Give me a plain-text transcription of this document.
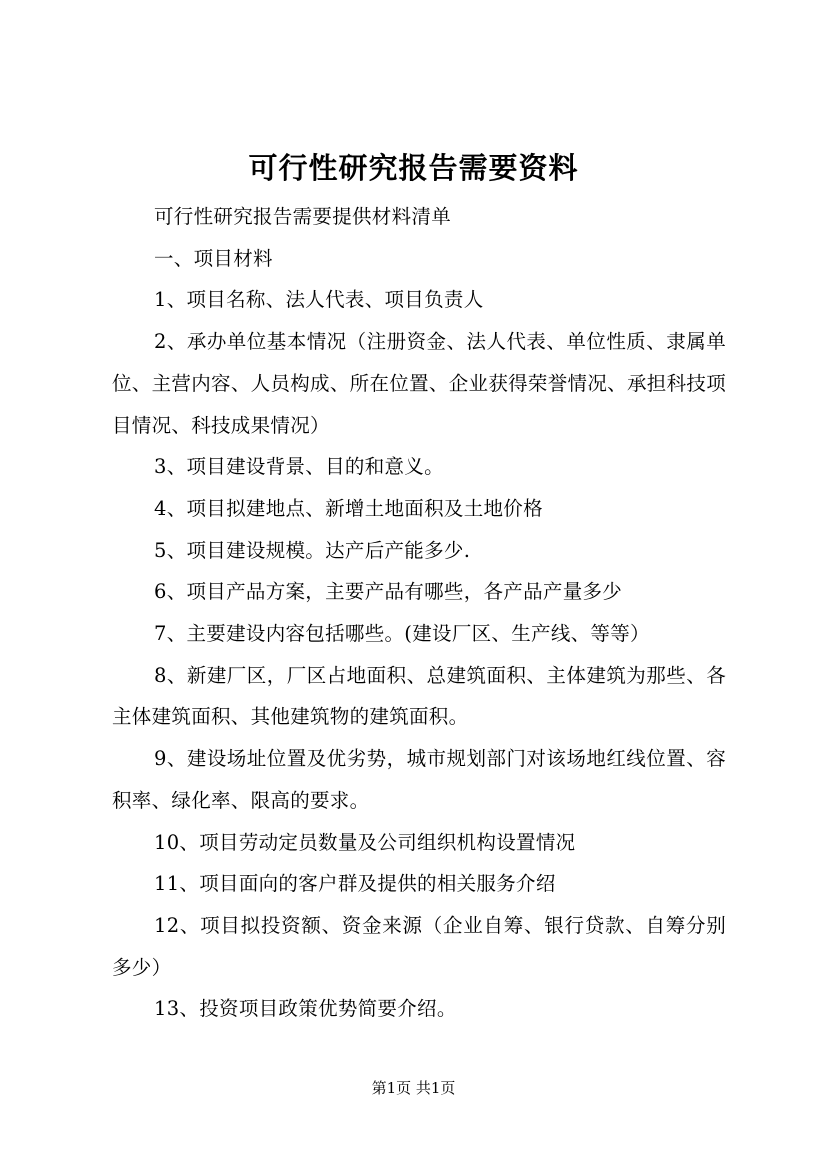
可行性研究报告需要资料

可行性研究报告需要提供材料清单

一、项目材料

1、项目名称、法人代表、项目负责人

2、承办单位基本情况（注册资金、法人代表、单位性质、隶属单位、主营内容、人员构成、所在位置、企业获得荣誉情况、承担科技项目情况、科技成果情况）

3、项目建设背景、目的和意义。

4、项目拟建地点、新增土地面积及土地价格

5、项目建设规模。达产后产能多少.

6、项目产品方案，主要产品有哪些，各产品产量多少

7、主要建设内容包括哪些。(建设厂区、生产线、等等）

8、新建厂区，厂区占地面积、总建筑面积、主体建筑为那些、各主体建筑面积、其他建筑物的建筑面积。

9、建设场址位置及优劣势，城市规划部门对该场地红线位置、容积率、绿化率、限高的要求。

10、项目劳动定员数量及公司组织机构设置情况

11、项目面向的客户群及提供的相关服务介绍

12、项目拟投资额、资金来源（企业自筹、银行贷款、自筹分别多少）

13、投资项目政策优势简要介绍。

第1页 共1页
